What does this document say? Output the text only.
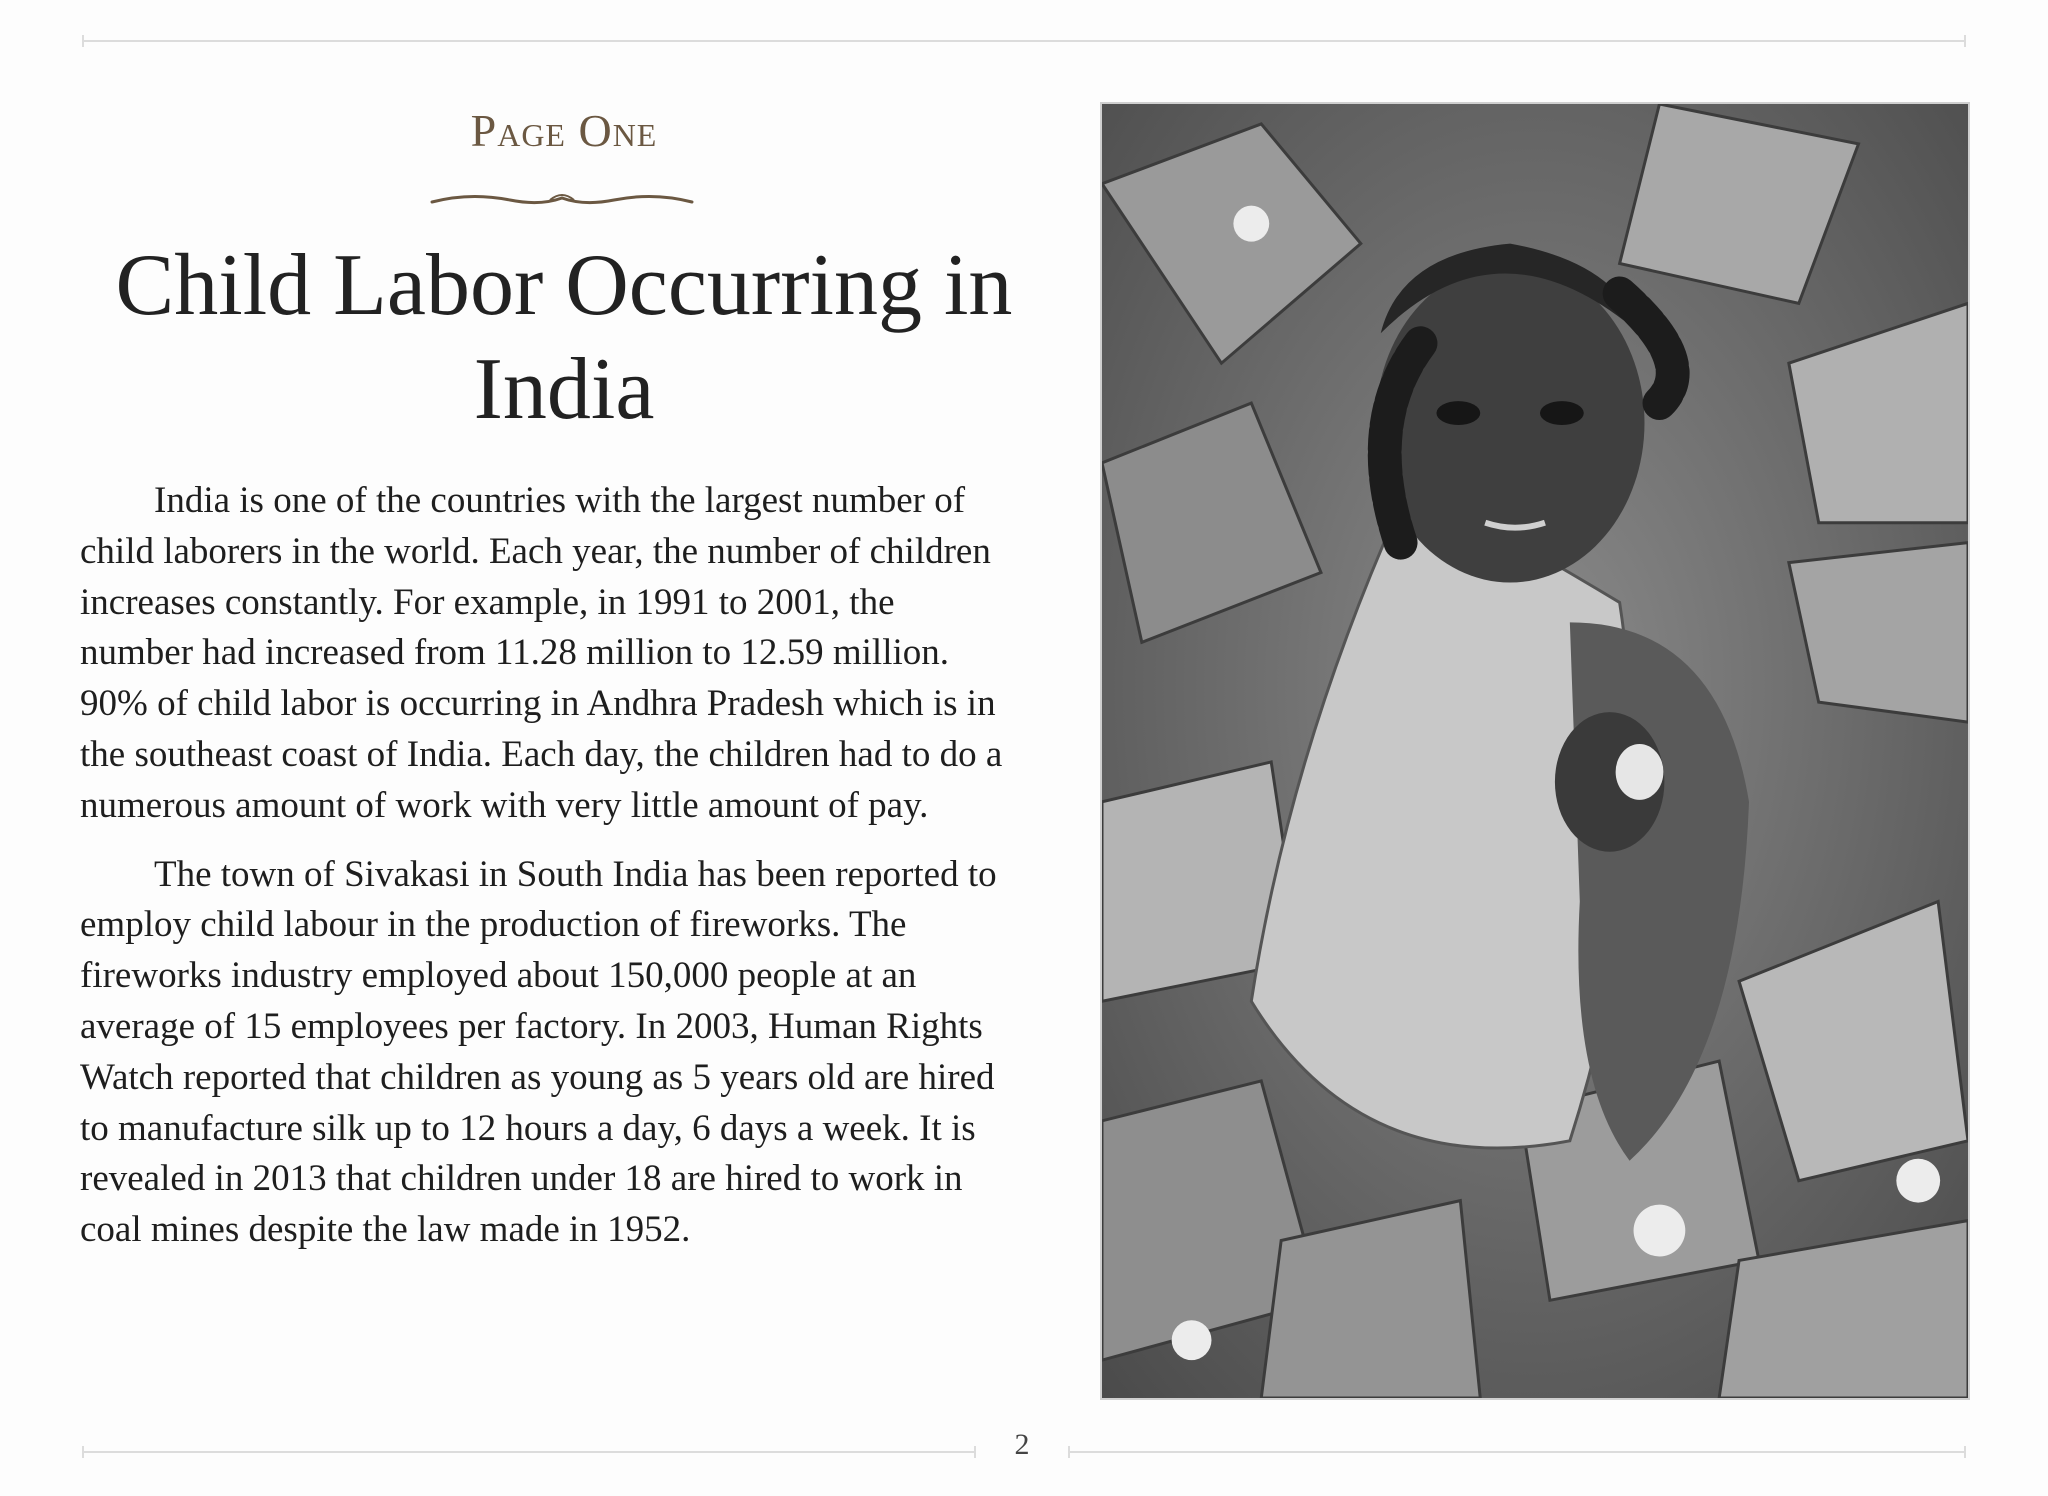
Page One
Child Labor Occurring in India

India is one of the countries with the largest number of child laborers in the world. Each year, the number of children increases constantly. For example, in 1991 to 2001, the number had increased from 11.28 million to 12.59 million. 90% of child labor is occurring in Andhra Pradesh which is in the southeast coast of India. Each day, the children had to do a numerous amount of work with very little amount of pay.

The town of Sivakasi in South India has been reported to employ child labour in the production of fireworks. The fireworks industry employed about 150,000 people at an average of 15 employees per factory. In 2003, Human Rights Watch reported that children as young as 5 years old are hired to manufacture silk up to 12 hours a day, 6 days a week. It is revealed in 2013 that children under 18 are hired to work in coal mines despite the law made in 1952.

2
